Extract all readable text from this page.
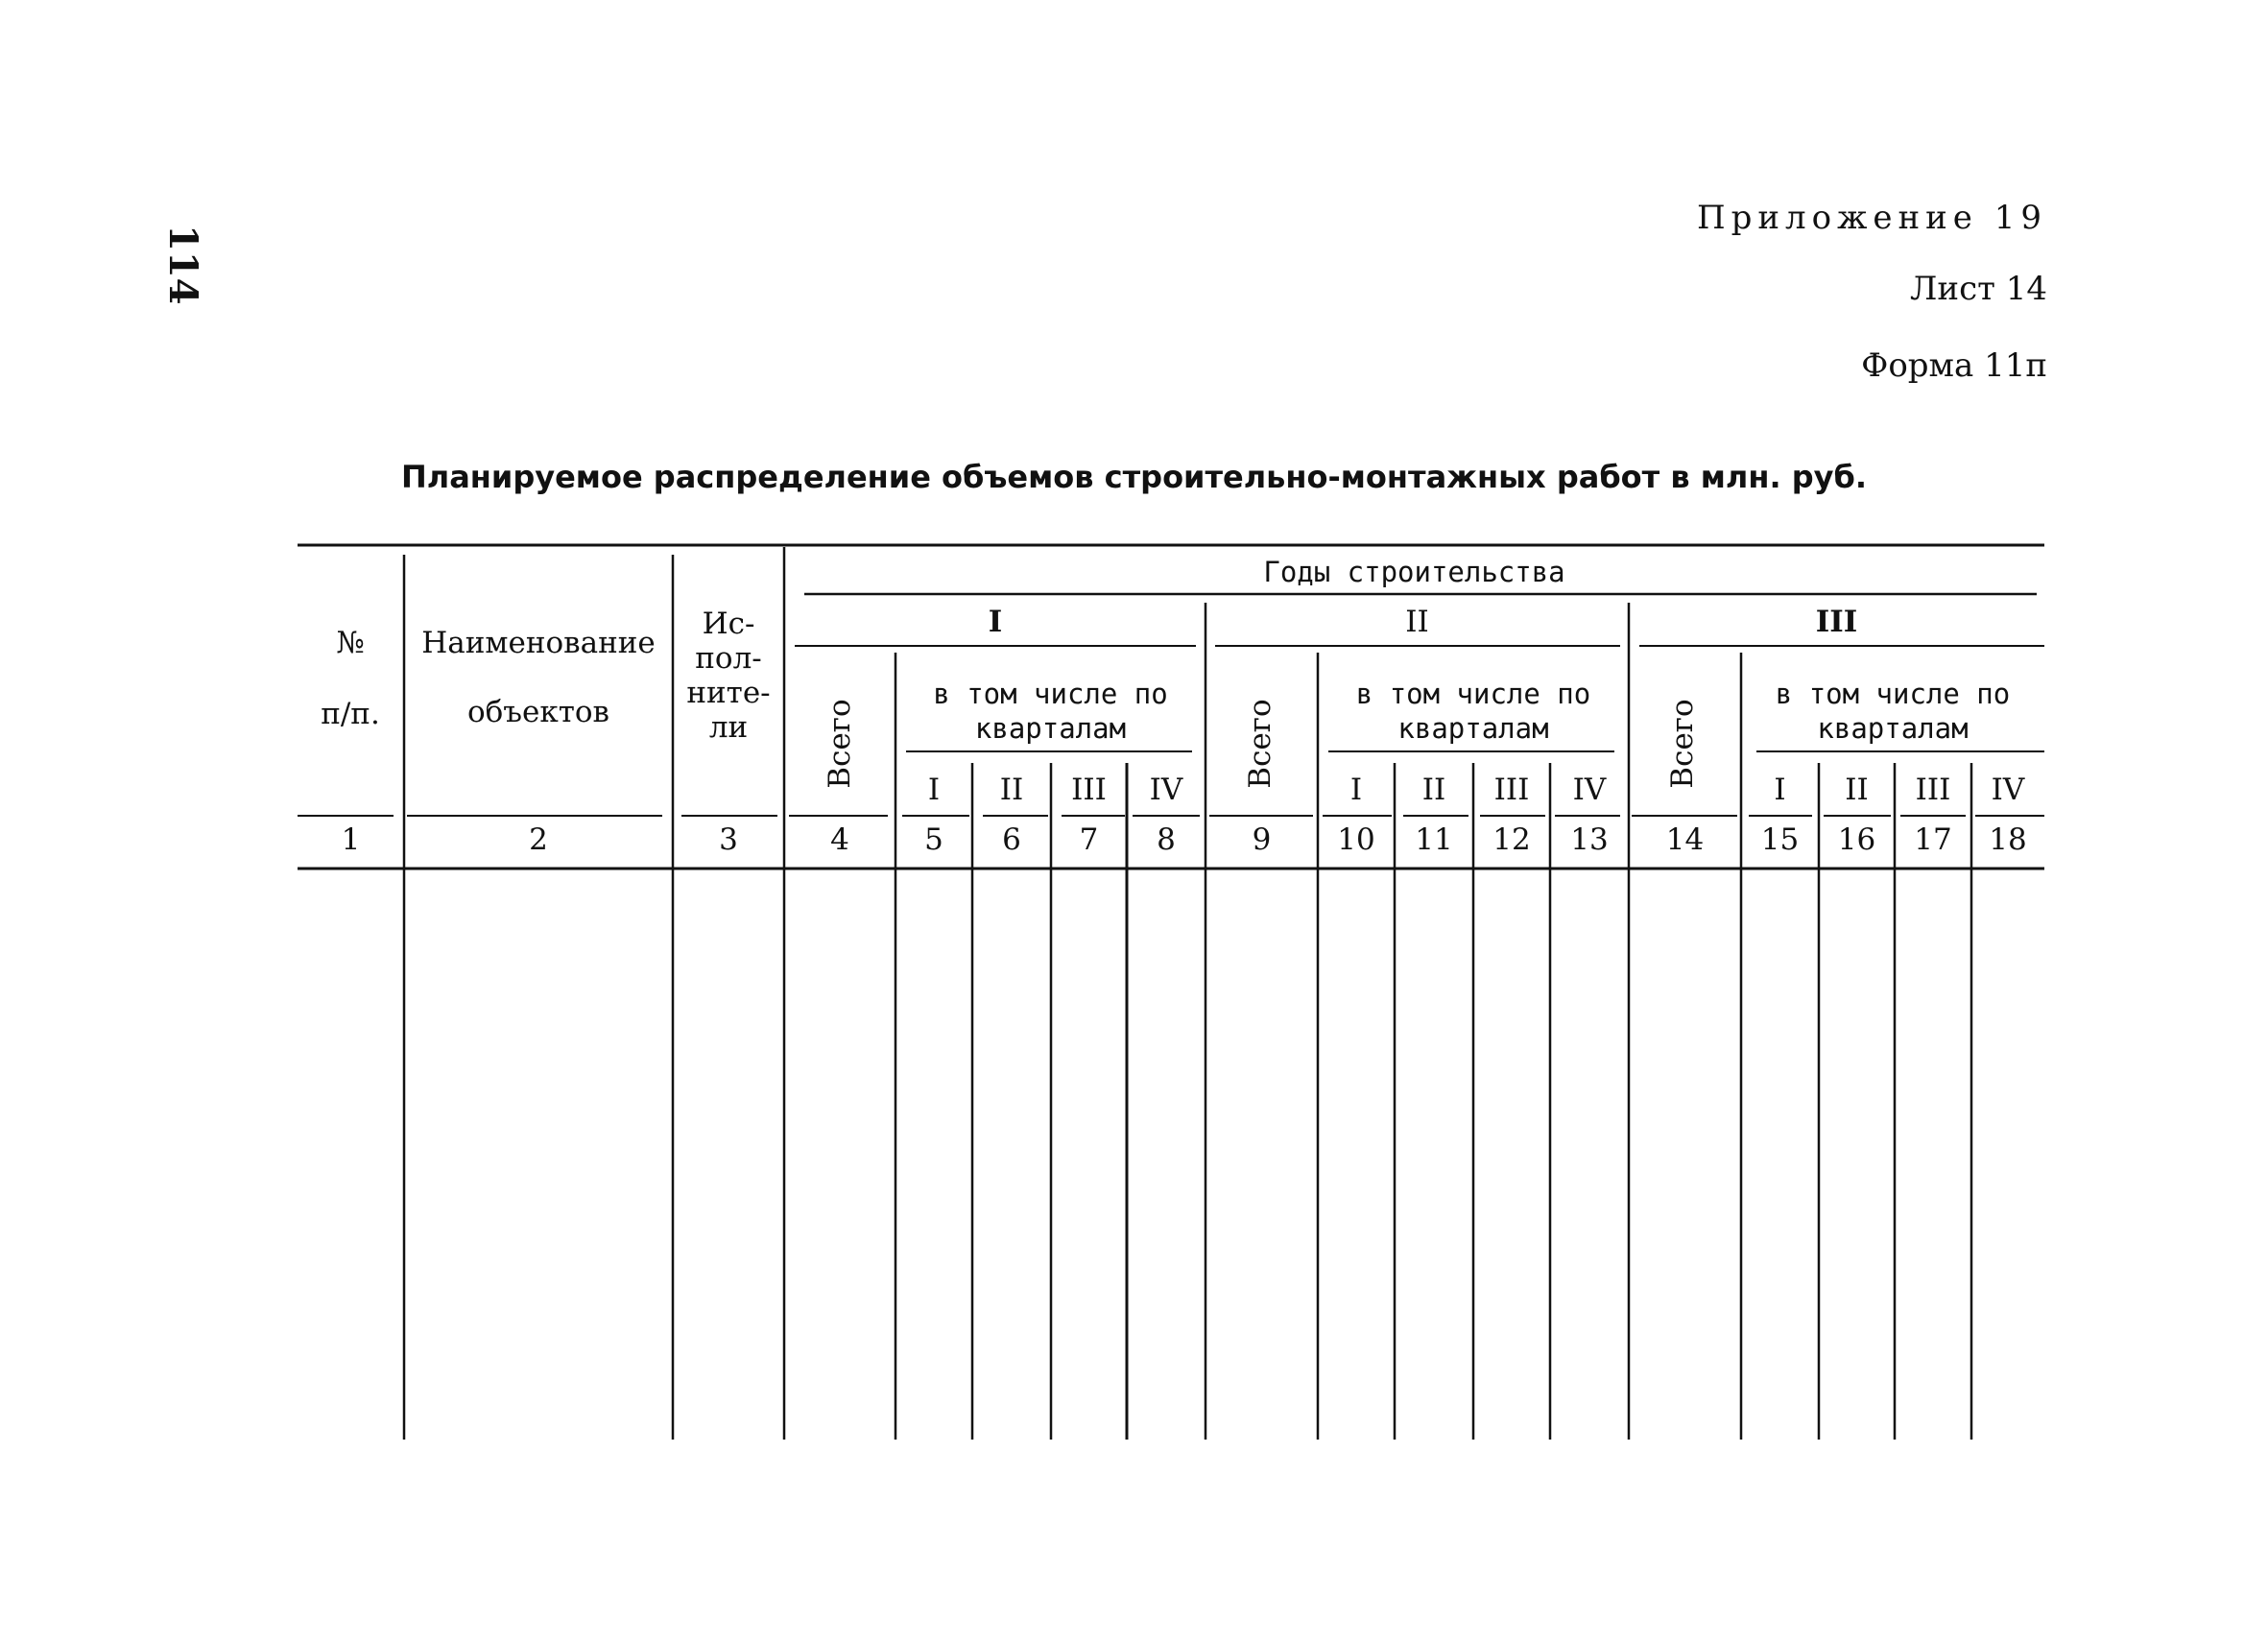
114
Приложение 19
Лист 14
Форма 11п
Планируемое распределение объемов строительно-монтажных работ в млн. руб.
№
п/п.
Наименование
объектов
Ис-
пол-
ните-
ли
Годы строительства
I	II	III
Всего	Всего	Всего
в том числе по
кварталам
в том числе по
кварталам
в том числе по
кварталам
I	II	III	IV	I	II	III	IV	I	II	III	IV
1	2	3	4	5	6	7	8	9	10	11	12	13	14	15	16	17	18
